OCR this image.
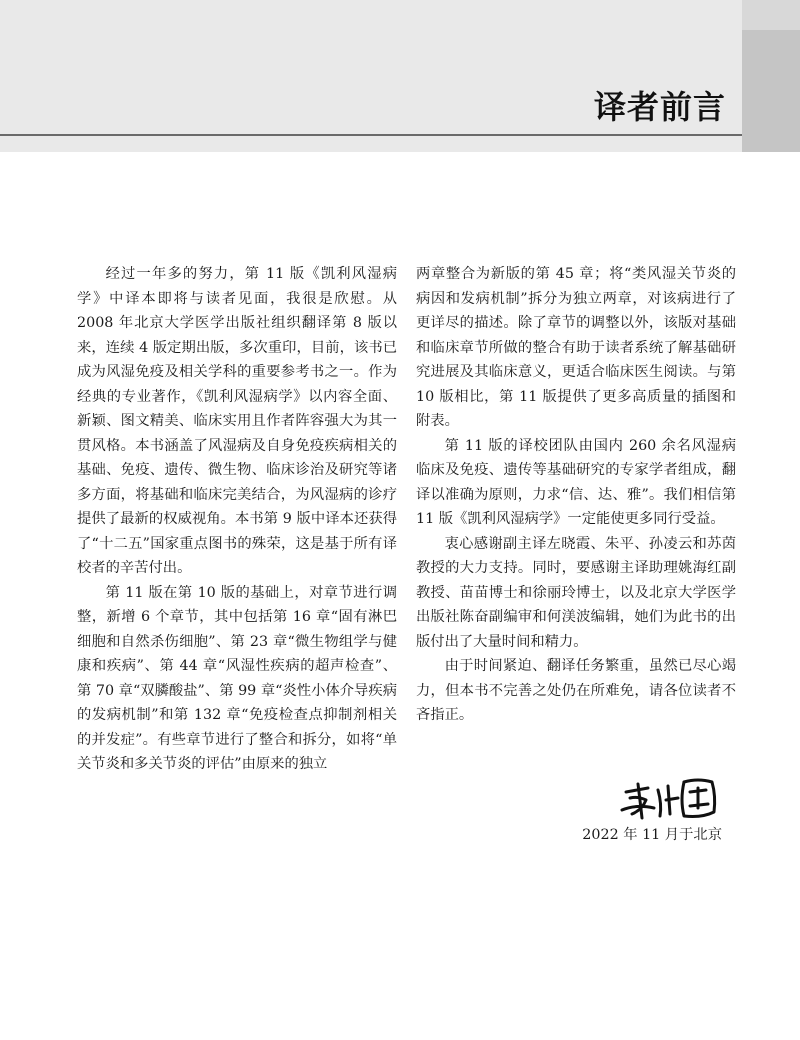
译者前言

经过一年多的努力，第 11 版《凯利风湿病学》中译本即将与读者见面，我很是欣慰。从 2008 年北京大学医学出版社组织翻译第 8 版以来，连续 4 版定期出版，多次重印，目前，该书已成为风湿免疫及相关学科的重要参考书之一。作为经典的专业著作，《凯利风湿病学》以内容全面、新颖、图文精美、临床实用且作者阵容强大为其一贯风格。本书涵盖了风湿病及自身免疫疾病相关的基础、免疫、遗传、微生物、临床诊治及研究等诸多方面，将基础和临床完美结合，为风湿病的诊疗提供了最新的权威视角。本书第 9 版中译本还获得了“十二五”国家重点图书的殊荣，这是基于所有译校者的辛苦付出。

第 11 版在第 10 版的基础上，对章节进行调整，新增 6 个章节，其中包括第 16 章“固有淋巴细胞和自然杀伤细胞”、第 23 章“微生物组学与健康和疾病”、第 44 章“风湿性疾病的超声检查”、第 70 章“双膦酸盐”、第 99 章“炎性小体介导疾病的发病机制”和第 132 章“免疫检查点抑制剂相关的并发症”。有些章节进行了整合和拆分，如将“单关节炎和多关节炎的评估”由原来的独立

两章整合为新版的第 45 章；将“类风湿关节炎的病因和发病机制”拆分为独立两章，对该病进行了更详尽的描述。除了章节的调整以外，该版对基础和临床章节所做的整合有助于读者系统了解基础研究进展及其临床意义，更适合临床医生阅读。与第 10 版相比，第 11 版提供了更多高质量的插图和附表。

第 11 版的译校团队由国内 260 余名风湿病临床及免疫、遗传等基础研究的专家学者组成，翻译以准确为原则，力求“信、达、雅”。我们相信第 11 版《凯利风湿病学》一定能使更多同行受益。

衷心感谢副主译左晓霞、朱平、孙凌云和苏茵教授的大力支持。同时，要感谢主译助理姚海红副教授、苗苗博士和徐丽玲博士，以及北京大学医学出版社陈奋副编审和何渼波编辑，她们为此书的出版付出了大量时间和精力。

由于时间紧迫、翻译任务繁重，虽然已尽心竭力，但本书不完善之处仍在所难免，请各位读者不吝指正。

2022 年 11 月于北京
